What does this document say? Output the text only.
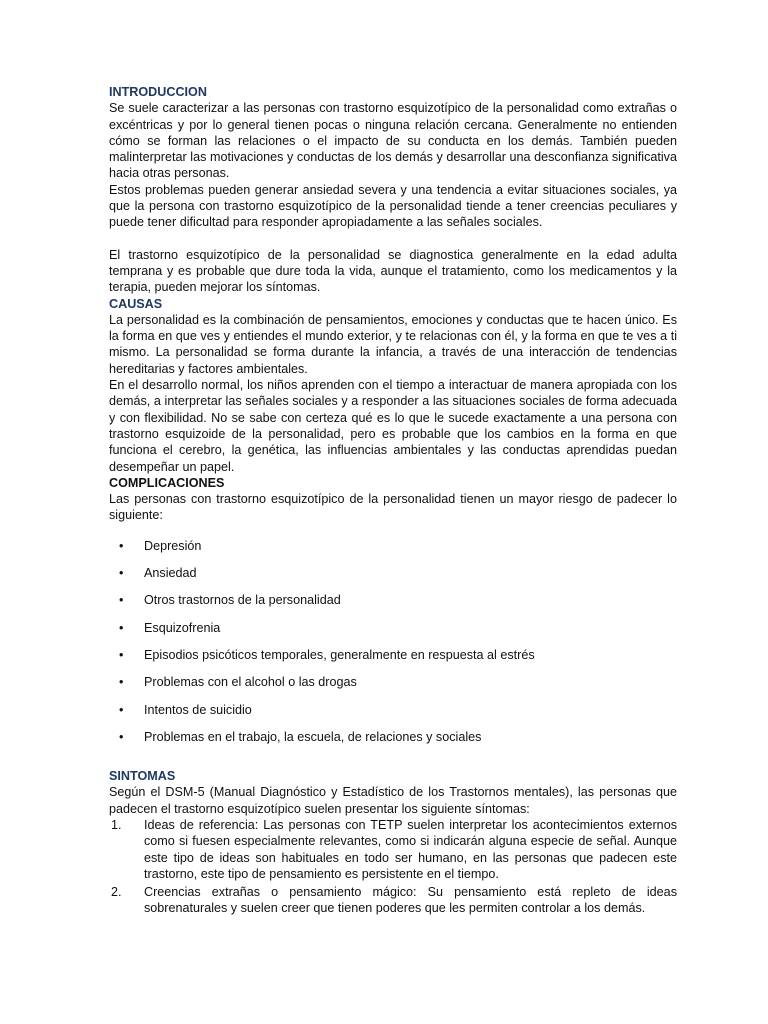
INTRODUCCION

Se suele caracterizar a las personas con trastorno esquizotípico de la personalidad como extrañas o excéntricas y por lo general tienen pocas o ninguna relación cercana. Generalmente no entienden cómo se forman las relaciones o el impacto de su conducta en los demás. También pueden malinterpretar las motivaciones y conductas de los demás y desarrollar una desconfianza significativa hacia otras personas.

Estos problemas pueden generar ansiedad severa y una tendencia a evitar situaciones sociales, ya que la persona con trastorno esquizotípico de la personalidad tiende a tener creencias peculiares y puede tener dificultad para responder apropiadamente a las señales sociales.

El trastorno esquizotípico de la personalidad se diagnostica generalmente en la edad adulta temprana y es probable que dure toda la vida, aunque el tratamiento, como los medicamentos y la terapia, pueden mejorar los síntomas.

CAUSAS

La personalidad es la combinación de pensamientos, emociones y conductas que te hacen único. Es la forma en que ves y entiendes el mundo exterior, y te relacionas con él, y la forma en que te ves a ti mismo. La personalidad se forma durante la infancia, a través de una interacción de tendencias hereditarias y factores ambientales.

En el desarrollo normal, los niños aprenden con el tiempo a interactuar de manera apropiada con los demás, a interpretar las señales sociales y a responder a las situaciones sociales de forma adecuada y con flexibilidad. No se sabe con certeza qué es lo que le sucede exactamente a una persona con trastorno esquizoide de la personalidad, pero es probable que los cambios en la forma en que funciona el cerebro, la genética, las influencias ambientales y las conductas aprendidas puedan desempeñar un papel.

COMPLICACIONES

Las personas con trastorno esquizotípico de la personalidad tienen un mayor riesgo de padecer lo siguiente:

• Depresión
• Ansiedad
• Otros trastornos de la personalidad
• Esquizofrenia
• Episodios psicóticos temporales, generalmente en respuesta al estrés
• Problemas con el alcohol o las drogas
• Intentos de suicidio
• Problemas en el trabajo, la escuela, de relaciones y sociales
SINTOMAS

Según el DSM-5 (Manual Diagnóstico y Estadístico de los Trastornos mentales), las personas que padecen el trastorno esquizotípico suelen presentar los siguiente síntomas:

1. Ideas de referencia: Las personas con TETP suelen interpretar los acontecimientos externos como si fuesen especialmente relevantes, como si indicarán alguna especie de señal. Aunque este tipo de ideas son habituales en todo ser humano, en las personas que padecen este trastorno, este tipo de pensamiento es persistente en el tiempo.
2. Creencias extrañas o pensamiento mágico: Su pensamiento está repleto de ideas sobrenaturales y suelen creer que tienen poderes que les permiten controlar a los demás.
